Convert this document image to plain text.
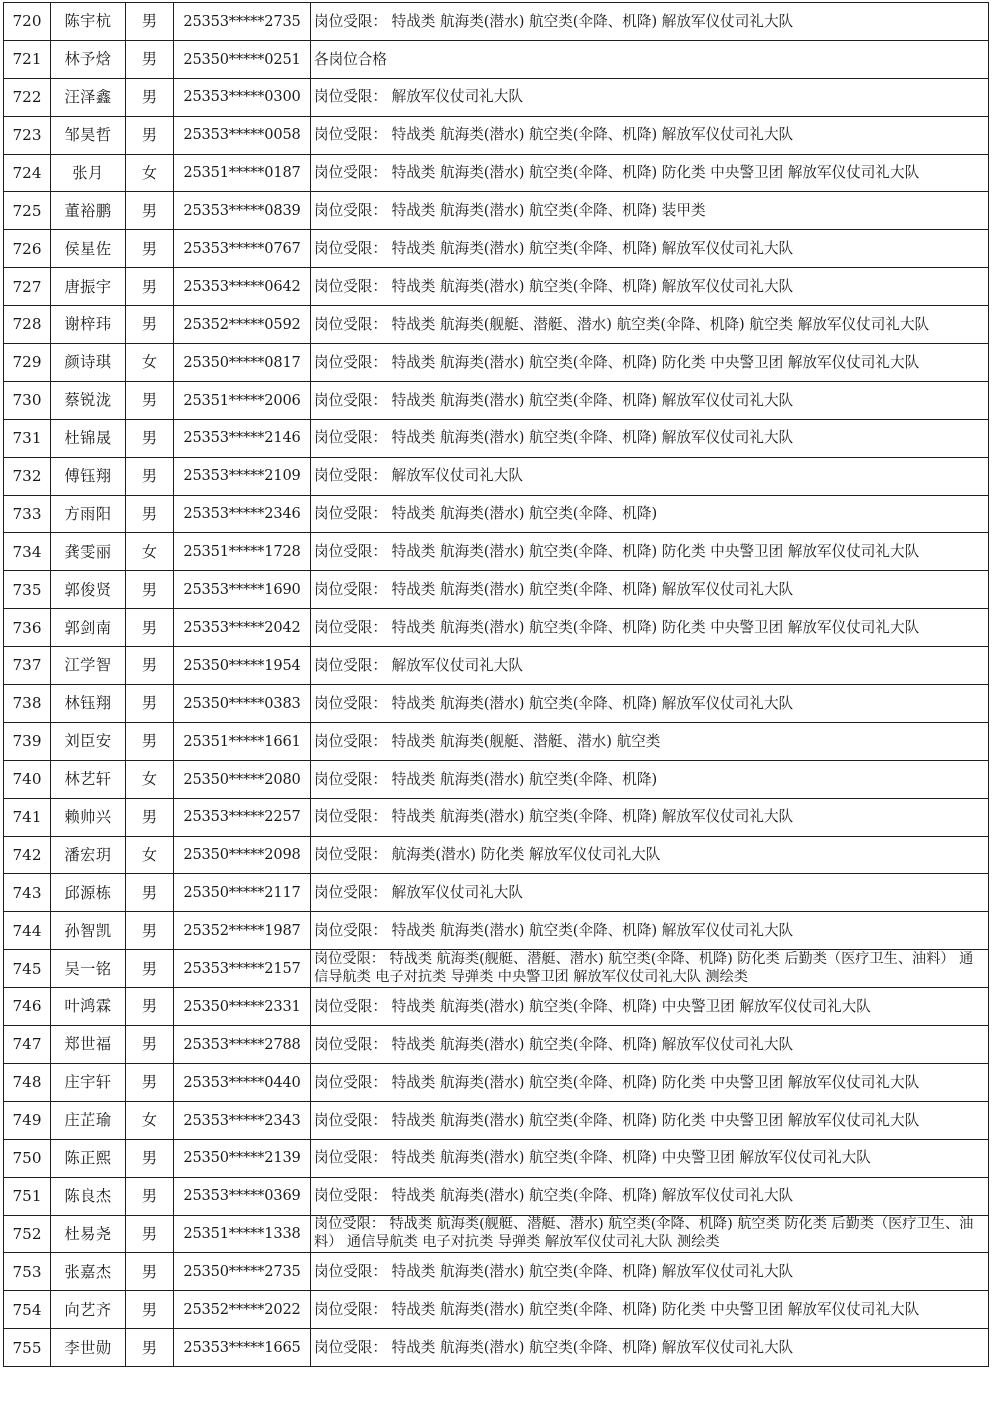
720	陈宇杭	男	25353*****2735	岗位受限： 特战类 航海类(潜水) 航空类(伞降、机降) 解放军仪仗司礼大队
721	林予焓	男	25350*****0251	各岗位合格
722	汪泽鑫	男	25353*****0300	岗位受限： 解放军仪仗司礼大队
723	邹昊哲	男	25353*****0058	岗位受限： 特战类 航海类(潜水) 航空类(伞降、机降) 解放军仪仗司礼大队
724	张月	女	25351*****0187	岗位受限： 特战类 航海类(潜水) 航空类(伞降、机降) 防化类 中央警卫团 解放军仪仗司礼大队
725	董裕鹏	男	25353*****0839	岗位受限： 特战类 航海类(潜水) 航空类(伞降、机降) 装甲类
726	侯星佐	男	25353*****0767	岗位受限： 特战类 航海类(潜水) 航空类(伞降、机降) 解放军仪仗司礼大队
727	唐振宇	男	25353*****0642	岗位受限： 特战类 航海类(潜水) 航空类(伞降、机降) 解放军仪仗司礼大队
728	谢梓玮	男	25352*****0592	岗位受限： 特战类 航海类(舰艇、潜艇、潜水) 航空类(伞降、机降) 航空类 解放军仪仗司礼大队
729	颜诗琪	女	25350*****0817	岗位受限： 特战类 航海类(潜水) 航空类(伞降、机降) 防化类 中央警卫团 解放军仪仗司礼大队
730	蔡锐泷	男	25351*****2006	岗位受限： 特战类 航海类(潜水) 航空类(伞降、机降) 解放军仪仗司礼大队
731	杜锦晟	男	25353*****2146	岗位受限： 特战类 航海类(潜水) 航空类(伞降、机降) 解放军仪仗司礼大队
732	傅钰翔	男	25353*****2109	岗位受限： 解放军仪仗司礼大队
733	方雨阳	男	25353*****2346	岗位受限： 特战类 航海类(潜水) 航空类(伞降、机降)
734	龚雯丽	女	25351*****1728	岗位受限： 特战类 航海类(潜水) 航空类(伞降、机降) 防化类 中央警卫团 解放军仪仗司礼大队
735	郭俊贤	男	25353*****1690	岗位受限： 特战类 航海类(潜水) 航空类(伞降、机降) 解放军仪仗司礼大队
736	郭剑南	男	25353*****2042	岗位受限： 特战类 航海类(潜水) 航空类(伞降、机降) 防化类 中央警卫团 解放军仪仗司礼大队
737	江学智	男	25350*****1954	岗位受限： 解放军仪仗司礼大队
738	林钰翔	男	25350*****0383	岗位受限： 特战类 航海类(潜水) 航空类(伞降、机降) 解放军仪仗司礼大队
739	刘臣安	男	25351*****1661	岗位受限： 特战类 航海类(舰艇、潜艇、潜水) 航空类
740	林艺轩	女	25350*****2080	岗位受限： 特战类 航海类(潜水) 航空类(伞降、机降)
741	赖帅兴	男	25353*****2257	岗位受限： 特战类 航海类(潜水) 航空类(伞降、机降) 解放军仪仗司礼大队
742	潘宏玥	女	25350*****2098	岗位受限： 航海类(潜水) 防化类 解放军仪仗司礼大队
743	邱源栋	男	25350*****2117	岗位受限： 解放军仪仗司礼大队
744	孙智凯	男	25352*****1987	岗位受限： 特战类 航海类(潜水) 航空类(伞降、机降) 解放军仪仗司礼大队
745	吴一铭	男	25353*****2157	岗位受限： 特战类 航海类(舰艇、潜艇、潜水) 航空类(伞降、机降) 防化类 后勤类（医疗卫生、油料） 通信导航类 电子对抗类 导弹类 中央警卫团 解放军仪仗司礼大队 测绘类
746	叶鸿霖	男	25350*****2331	岗位受限： 特战类 航海类(潜水) 航空类(伞降、机降) 中央警卫团 解放军仪仗司礼大队
747	郑世福	男	25353*****2788	岗位受限： 特战类 航海类(潜水) 航空类(伞降、机降) 解放军仪仗司礼大队
748	庄宇轩	男	25353*****0440	岗位受限： 特战类 航海类(潜水) 航空类(伞降、机降) 防化类 中央警卫团 解放军仪仗司礼大队
749	庄芷瑜	女	25353*****2343	岗位受限： 特战类 航海类(潜水) 航空类(伞降、机降) 防化类 中央警卫团 解放军仪仗司礼大队
750	陈正熙	男	25350*****2139	岗位受限： 特战类 航海类(潜水) 航空类(伞降、机降) 中央警卫团 解放军仪仗司礼大队
751	陈良杰	男	25353*****0369	岗位受限： 特战类 航海类(潜水) 航空类(伞降、机降) 解放军仪仗司礼大队
752	杜易尧	男	25351*****1338	岗位受限： 特战类 航海类(舰艇、潜艇、潜水) 航空类(伞降、机降) 航空类 防化类 后勤类（医疗卫生、油料） 通信导航类 电子对抗类 导弹类 解放军仪仗司礼大队 测绘类
753	张嘉杰	男	25350*****2735	岗位受限： 特战类 航海类(潜水) 航空类(伞降、机降) 解放军仪仗司礼大队
754	向艺齐	男	25352*****2022	岗位受限： 特战类 航海类(潜水) 航空类(伞降、机降) 防化类 中央警卫团 解放军仪仗司礼大队
755	李世勋	男	25353*****1665	岗位受限： 特战类 航海类(潜水) 航空类(伞降、机降) 解放军仪仗司礼大队
